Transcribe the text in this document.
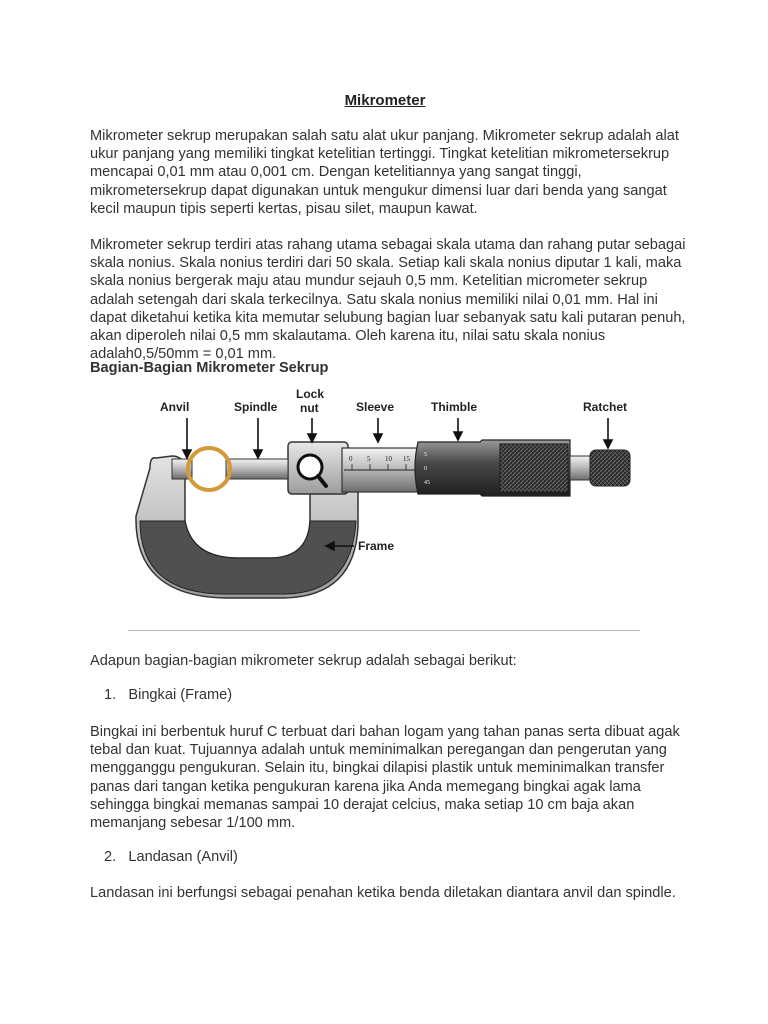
Mikrometer

Mikrometer sekrup merupakan salah satu alat ukur panjang. Mikrometer sekrup adalah alat ukur panjang yang memiliki tingkat ketelitian tertinggi. Tingkat ketelitian mikrometersekrup mencapai 0,01 mm atau 0,001 cm. Dengan ketelitiannya yang sangat tinggi, mikrometersekrup dapat digunakan untuk mengukur dimensi luar dari benda yang sangat kecil maupun tipis seperti kertas, pisau silet, maupun kawat.

Mikrometer sekrup terdiri atas rahang utama sebagai skala utama dan rahang putar sebagai skala nonius. Skala nonius terdiri dari 50 skala. Setiap kali skala nonius diputar 1 kali, maka skala nonius bergerak maju atau mundur sejauh 0,5 mm. Ketelitian micrometer sekrup adalah setengah dari skala terkecilnya. Satu skala nonius memiliki nilai 0,01 mm. Hal ini dapat diketahui ketika kita memutar selubung bagian luar sebanyak satu kali putaran penuh, akan diperoleh nilai 0,5 mm skalautama. Oleh karena itu, nilai satu skala nonius adalah0,5/50mm = 0,01 mm.

Bagian-Bagian Mikrometer Sekrup
0 5 10 15 5
0
45
Anvil	Spindle
Lock
nut	Sleeve	Thimble	Ratchet
Frame

Adapun bagian-bagian mikrometer sekrup adalah sebagai berikut:

1. Bingkai (Frame)

Bingkai ini berbentuk huruf C terbuat dari bahan logam yang tahan panas serta dibuat agak tebal dan kuat. Tujuannya adalah untuk meminimalkan peregangan dan pengerutan yang mengganggu pengukuran. Selain itu, bingkai dilapisi plastik untuk meminimalkan transfer panas dari tangan ketika pengukuran karena jika Anda memegang bingkai agak lama sehingga bingkai memanas sampai 10 derajat celcius, maka setiap 10 cm baja akan memanjang sebesar 1/100 mm.

2. Landasan (Anvil)

Landasan ini berfungsi sebagai penahan ketika benda diletakan diantara anvil dan spindle.
